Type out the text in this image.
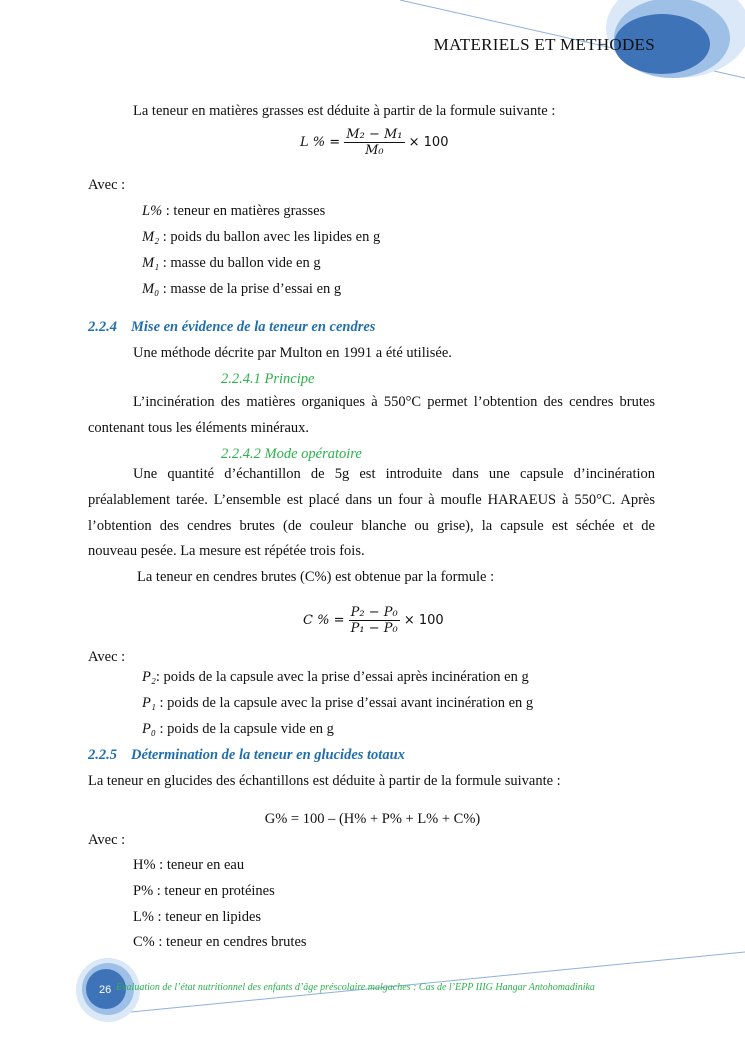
MATERIELS ET METHODES
La teneur en matières grasses est déduite à partir de la formule suivante :
L % = $\frac{\text{M₂ − M₁}}{\text{M₀}} \times 100$
Avec :
L% : teneur en matières grasses
M₂ : poids du ballon avec les lipides en g
M₁ : masse du ballon vide en g
M₀ : masse de la prise d’essai en g
2.2.4 Mise en évidence de la teneur en cendres
Une méthode décrite par Multon en 1991 a été utilisée.
2.2.4.1 Principe
L’incinération des matières organiques à 550°C permet l’obtention des cendres brutes
contenant tous les éléments minéraux.
2.2.4.2 Mode opératoire
Une quantité d’échantillon de 5g est introduite dans une capsule d’incinération
préalablement tarée. L’ensemble est placé dans un four à moufle HARAEUS à 550°C. Après
l’obtention des cendres brutes (de couleur blanche ou grise), la capsule est séchée et de
nouveau pesée. La mesure est répétée trois fois.
La teneur en cendres brutes (C%) est obtenue par la formule :
C % = $\frac{\text{P₂ − P₀}}{\text{P₁ − P₀}} \times 100$
Avec :
P₂: poids de la capsule avec la prise d’essai après incinération en g
P₁ : poids de la capsule avec la prise d’essai avant incinération en g
P₀ : poids de la capsule vide en g
2.2.5 Détermination de la teneur en glucides totaux
La teneur en glucides des échantillons est déduite à partir de la formule suivante :
G% = 100 – (H% + P% + L% + C%)
Avec :
H% : teneur en eau
P% : teneur en protéines
L% : teneur en lipides
C% : teneur en cendres brutes
26 Evaluation de l’état nutritionnel des enfants d’âge préscolaire malgaches : Cas de l’EPP IIIG Hangar Antohomadinika
